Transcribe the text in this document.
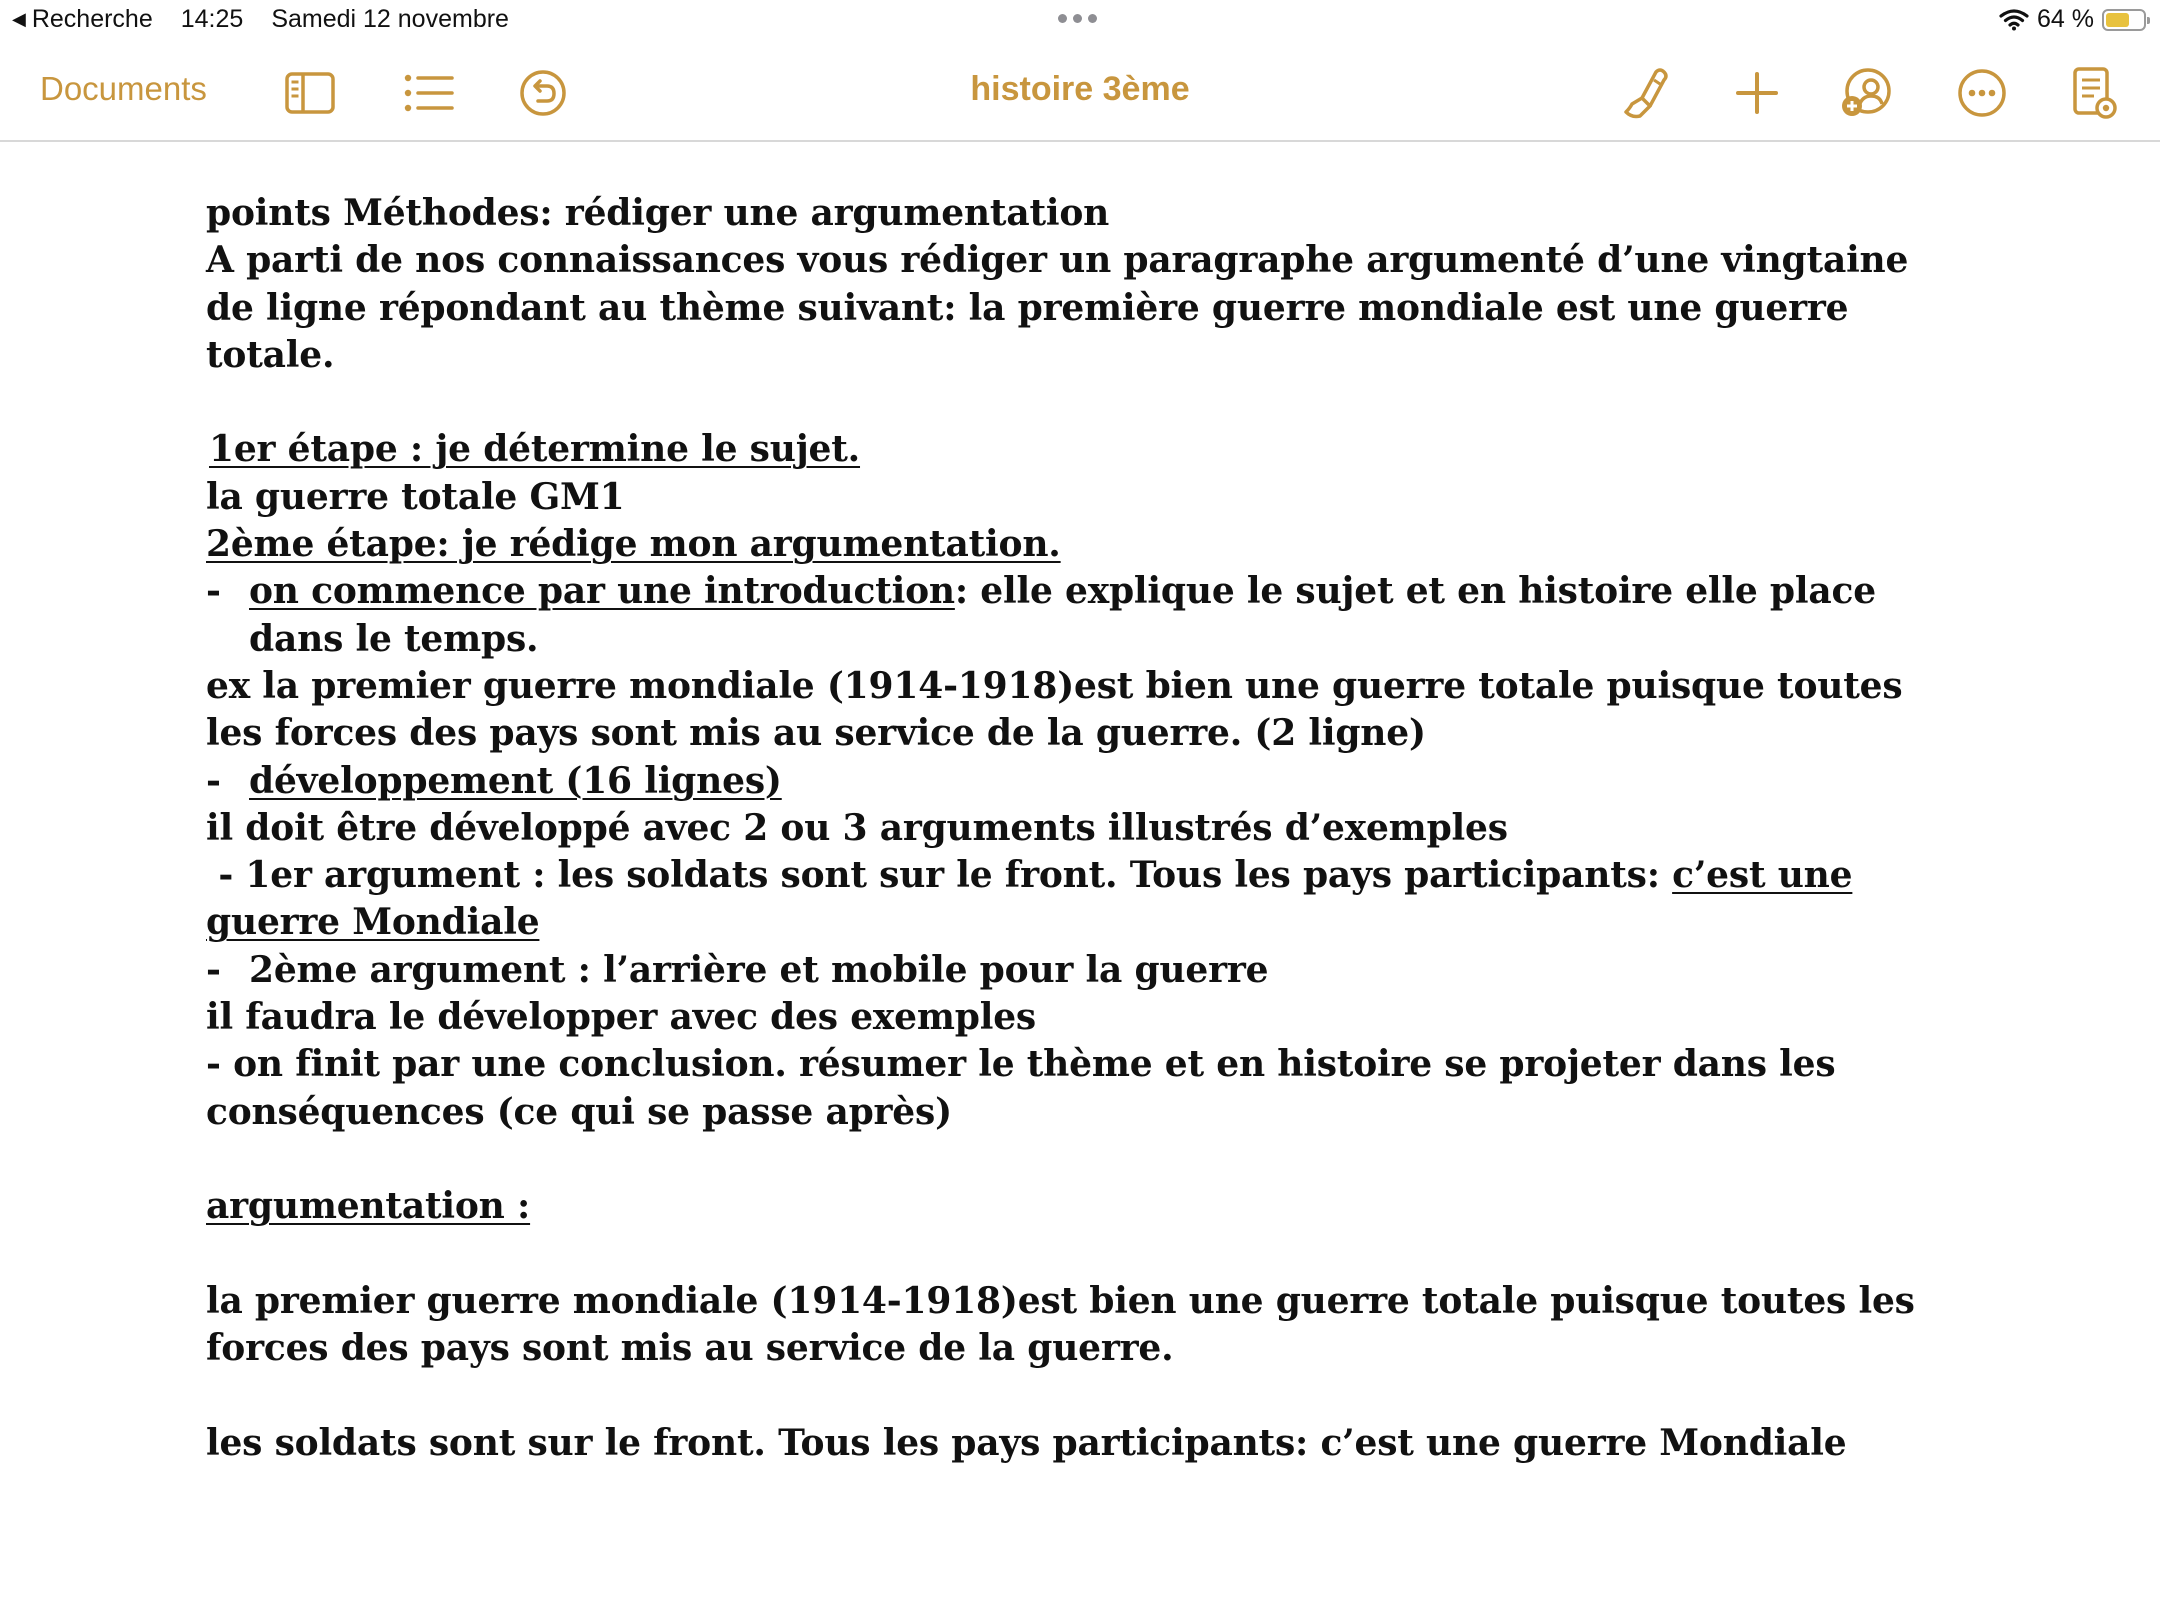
◀ Recherche 14:25 Samedi 12 novembre	64 %
Documents	histoire 3ème

points Méthodes: rédiger une argumentation

A parti de nos connaissances vous rédiger un paragraphe argumenté d’une vingtaine

de ligne répondant au thème suivant: la première guerre mondiale est une guerre

totale.

1er étape : je détermine le sujet.

la guerre totale GM1

2ème étape: je rédige mon argumentation.

- on commence par une introduction: elle explique le sujet et en histoire elle place

dans le temps.

ex la premier guerre mondiale (1914-1918)est bien une guerre totale puisque toutes

les forces des pays sont mis au service de la guerre. (2 ligne)

- développement (16 lignes)

il doit être développé avec 2 ou 3 arguments illustrés d’exemples

- 1er argument : les soldats sont sur le front. Tous les pays participants: c’est une

guerre Mondiale

- 2ème argument : l’arrière et mobile pour la guerre

il faudra le développer avec des exemples

- on finit par une conclusion. résumer le thème et en histoire se projeter dans les

conséquences (ce qui se passe après)

argumentation :

la premier guerre mondiale (1914-1918)est bien une guerre totale puisque toutes les

forces des pays sont mis au service de la guerre.

les soldats sont sur le front. Tous les pays participants: c’est une guerre Mondiale
